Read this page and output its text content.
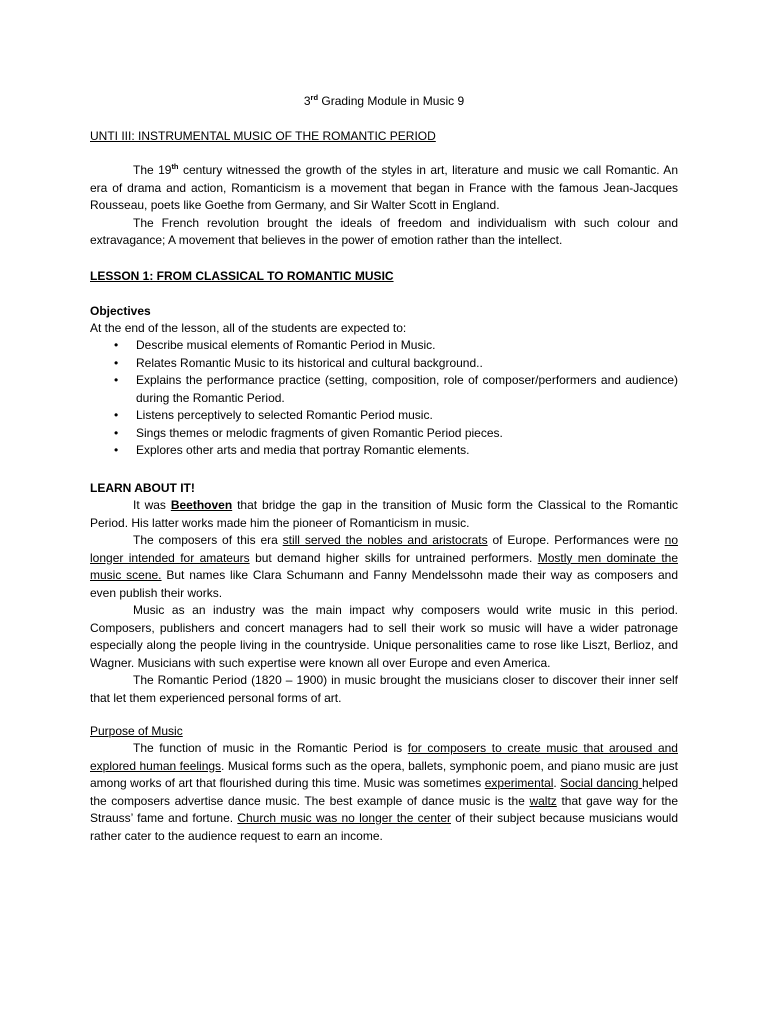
3rd Grading Module in Music 9
UNTI III: INSTRUMENTAL MUSIC OF THE ROMANTIC PERIOD

The 19th century witnessed the growth of the styles in art, literature and music we call Romantic. An era of drama and action, Romanticism is a movement that began in France with the famous Jean-Jacques Rousseau, poets like Goethe from Germany, and Sir Walter Scott in England.

The French revolution brought the ideals of freedom and individualism with such colour and extravagance; A movement that believes in the power of emotion rather than the intellect.

LESSON 1: FROM CLASSICAL TO ROMANTIC MUSIC
Objectives
At the end of the lesson, all of the students are expected to:
• Describe musical elements of Romantic Period in Music.
• Relates Romantic Music to its historical and cultural background..
• Explains the performance practice (setting, composition, role of composer/performers and audience) during the Romantic Period.
• Listens perceptively to selected Romantic Period music.
• Sings themes or melodic fragments of given Romantic Period pieces.
• Explores other arts and media that portray Romantic elements.
LEARN ABOUT IT!

It was Beethoven that bridge the gap in the transition of Music form the Classical to the Romantic Period. His latter works made him the pioneer of Romanticism in music.

The composers of this era still served the nobles and aristocrats of Europe. Performances were no longer intended for amateurs but demand higher skills for untrained performers. Mostly men dominate the music scene. But names like Clara Schumann and Fanny Mendelssohn made their way as composers and even publish their works.

Music as an industry was the main impact why composers would write music in this period. Composers, publishers and concert managers had to sell their work so music will have a wider patronage especially along the people living in the countryside. Unique personalities came to rose like Liszt, Berlioz, and Wagner. Musicians with such expertise were known all over Europe and even America.

The Romantic Period (1820 – 1900) in music brought the musicians closer to discover their inner self that let them experienced personal forms of art.

Purpose of Music

The function of music in the Romantic Period is for composers to create music that aroused and explored human feelings. Musical forms such as the opera, ballets, symphonic poem, and piano music are just among works of art that flourished during this time. Music was sometimes experimental. Social dancing helped the composers advertise dance music. The best example of dance music is the waltz that gave way for the Strauss’ fame and fortune. Church music was no longer the center of their subject because musicians would rather cater to the audience request to earn an income.
